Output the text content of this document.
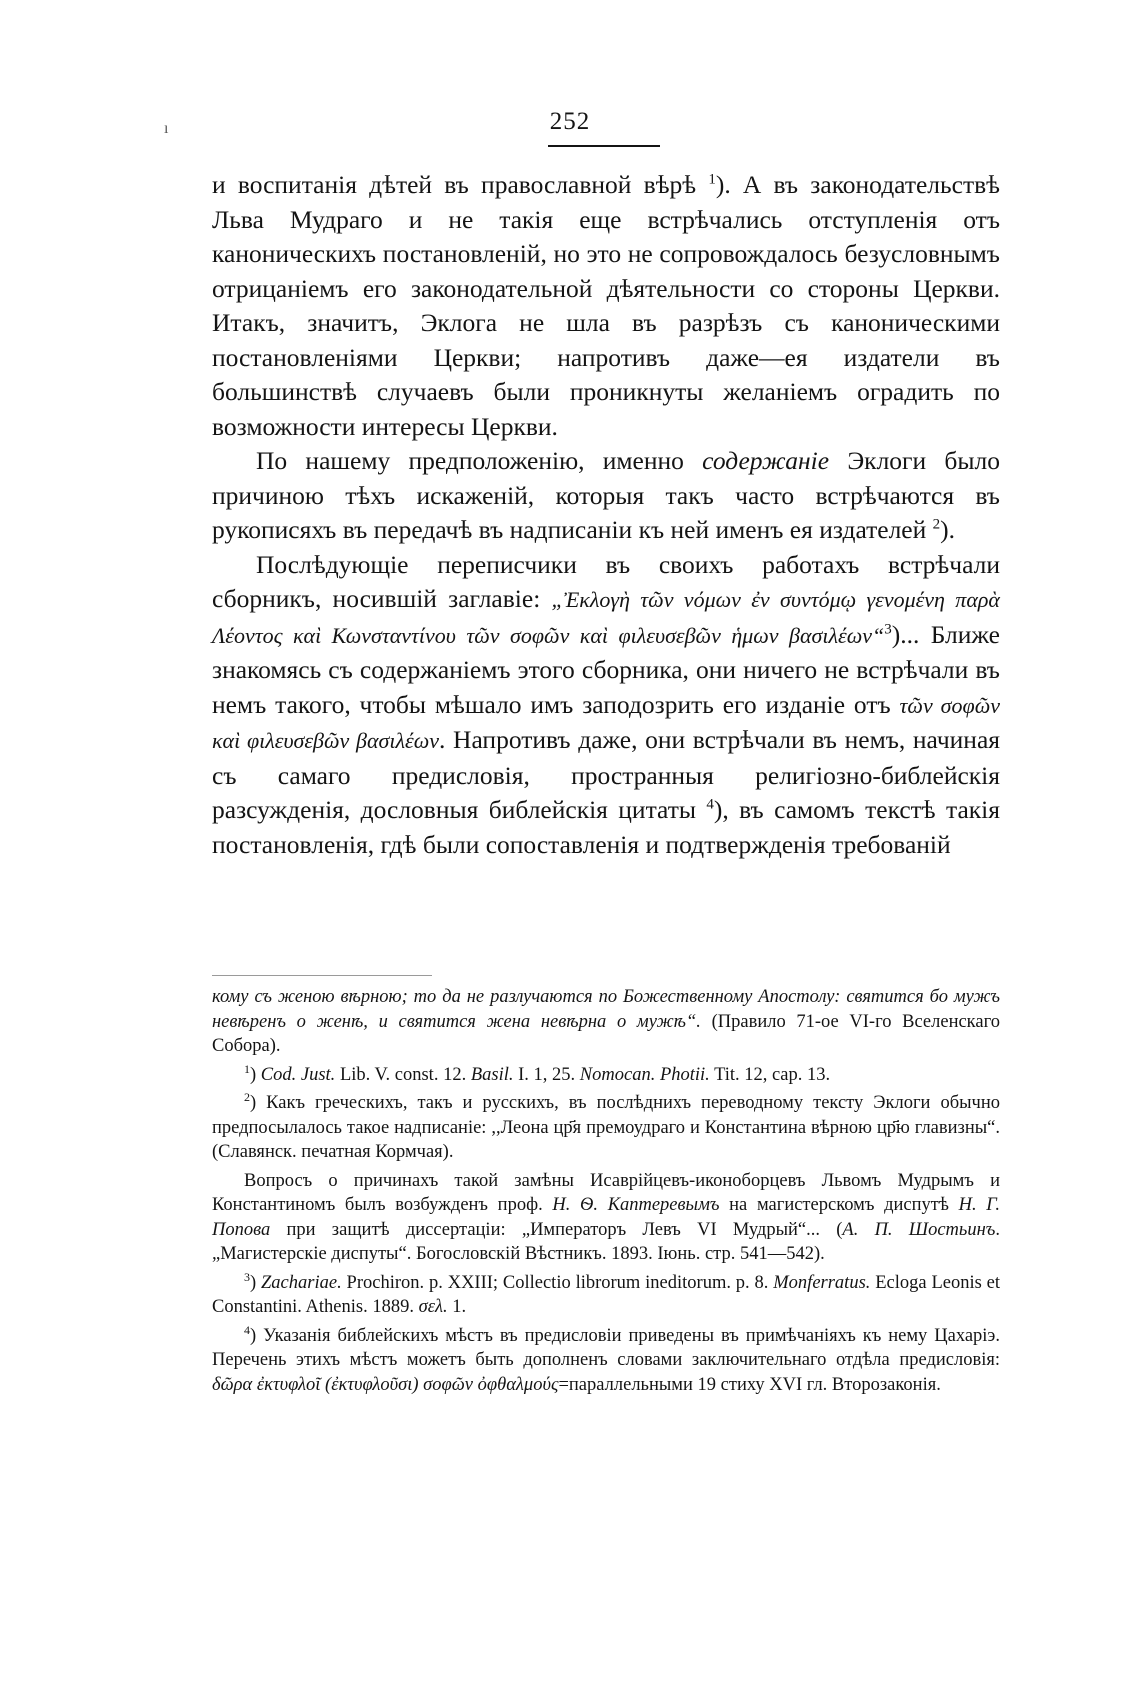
ı	252

и воспитанія дѣтей въ православной вѣрѣ $^1$). А въ законодательствѣ Льва Мудраго и не такія еще встрѣчались отступленія отъ каноническихъ постановленій, но это не сопровождалось безусловнымъ отрицаніемъ его законодательной дѣятельности со стороны Церкви. Итакъ, значитъ, Эклога не шла въ разрѣзъ съ каноническими постановленіями Церкви; напротивъ даже—ея издатели въ большинствѣ случаевъ были проникнуты желаніемъ оградить по возможности интересы Церкви.

По нашему предположенію, именно содержаніе Эклоги было причиною тѣхъ искаженій, которыя такъ часто встрѣчаются въ рукописяхъ въ передачѣ въ надписаніи къ ней именъ ея издателей $^2$).

Послѣдующіе переписчики въ своихъ работахъ встрѣчали сборникъ, носившій заглавіе: „Ἐκλογὴ τῶν νόμων ἐν συντόμῳ γενομένη παρὰ Λέοντος καὶ Κωνσταντίνου τῶν σοφῶν καὶ φιλευσεβῶν ἡμων βασιλέων“$^3$)... Ближе знакомясь съ содержаніемъ этого сборника, они ничего не встрѣчали въ немъ такого, чтобы мѣшало имъ заподозрить его изданіе отъ τῶν σοφῶν καὶ φιλευσεβῶν βασιλέων. Напротивъ даже, они встрѣчали въ немъ, начиная съ самаго предисловія, пространныя религіозно-библейскія разсужденія, дословныя библейскія цитаты $^4$), въ самомъ текстѣ такія постановленія, гдѣ были сопоставленія и подтвержденія требованій

кому съ женою вѣрною; то да не разлучаются по Божественному Апостолу: святится бо мужъ невѣренъ о женѣ, и святится жена невѣрна о мужѣ“. (Правило 71-ое VI-го Вселенскаго Собора).

$^1$) Cod. Just. Lib. V. const. 12. Basil. I. 1, 25. Nomocan. Photii. Tit. 12, cap. 13.

$^2$) Какъ греческихъ, такъ и русскихъ, въ послѣднихъ переводному тексту Эклоги обычно предпосылалось такое надписаніе: ,,Леона цр҃я премоудраго и Константина вѣрною цр҃ю главизны“. (Славянск. печатная Кормчая).

Вопросъ о причинахъ такой замѣны Исаврійцевъ-иконоборцевъ Львомъ Мудрымъ и Константиномъ былъ возбужденъ проф. Н. Ѳ. Каптеревымъ на магистерскомъ диспутѣ Н. Г. Попова при защитѣ диссертаціи: „Императоръ Левъ VI Мудрый“... (А. П. Шостьинъ. „Магистерскіе диспуты“. Богословскій Вѣстникъ. 1893. Іюнь. стр. 541—542).

$^3$) Zachariae. Prochiron. p. XXIII; Collectio librorum ineditorum. p. 8. Monferratus. Ecloga Leonis et Constantini. Athenis. 1889. σελ. 1.

$^4$) Указанія библейскихъ мѣстъ въ предисловіи приведены въ примѣчаніяхъ къ нему Цахаріэ. Перечень этихъ мѣстъ можетъ быть дополненъ словами заключительнаго отдѣла предисловія: δῶρα ἐκτυφλοῖ (ἐκτυφλοῦσι) σοφῶν ὀφθαλμούς=параллельными 19 стиху XVI гл. Второзаконія.
